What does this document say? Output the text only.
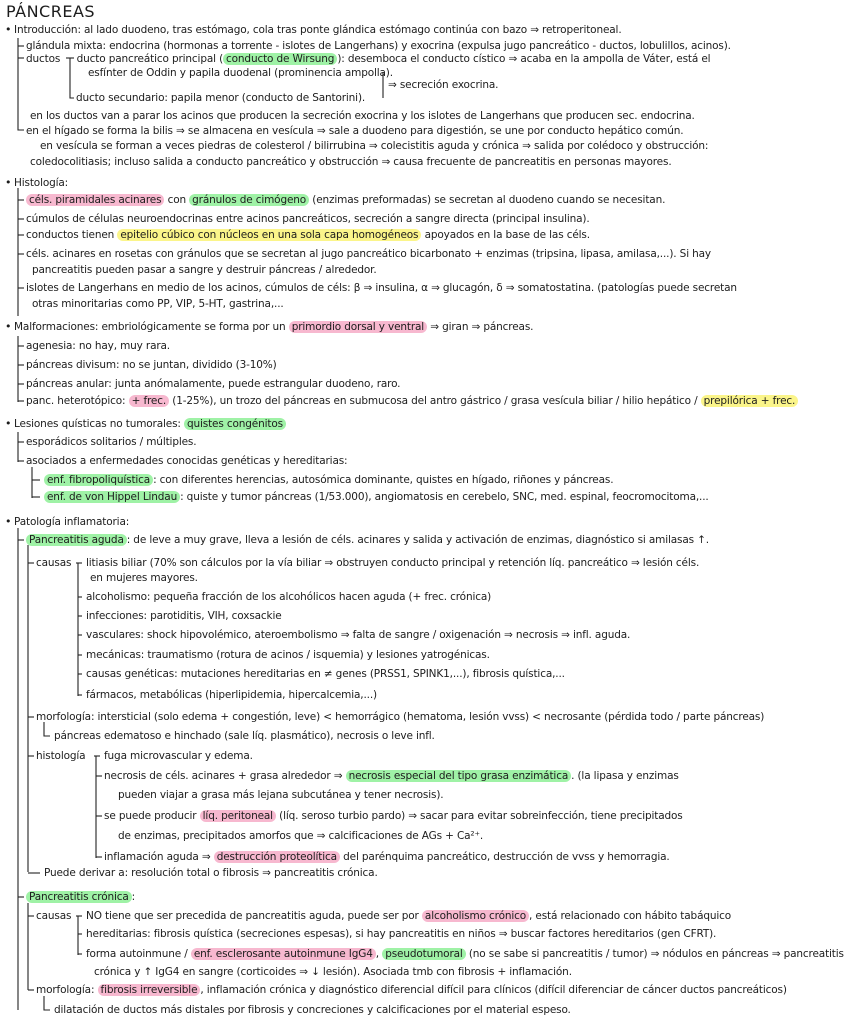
PÁNCREAS
• Introducción: al lado duodeno, tras estómago, cola tras ponte glándica estómago continúa con bazo ⇒ retroperitoneal.
glándula mixta: endocrina (hormonas a torrente - islotes de Langerhans) y exocrina (expulsa jugo pancreático - ductos, lobulillos, acinos).
ductos ducto pancreático principal ( conducto de Wirsung ): desemboca el conducto cístico ⇒ acaba en la ampolla de Váter, está el
esfínter de Oddin y papila duodenal (prominencia ampolla).
⇒ secreción exocrina.
ducto secundario: papila menor (conducto de Santorini).
en los ductos van a parar los acinos que producen la secreción exocrina y los islotes de Langerhans que producen sec. endocrina.
en el hígado se forma la bilis ⇒ se almacena en vesícula ⇒ sale a duodeno para digestión, se une por conducto hepático común.
en vesícula se forman a veces piedras de colesterol / bilirrubina ⇒ colecistitis aguda y crónica ⇒ salida por colédoco y obstrucción:
coledocolitiasis; incluso salida a conducto pancreático y obstrucción ⇒ causa frecuente de pancreatitis en personas mayores.
• Histología:
céls. piramidales acinares con gránulos de cimógeno (enzimas preformadas) se secretan al duodeno cuando se necesitan.
cúmulos de células neuroendocrinas entre acinos pancreáticos, secreción a sangre directa (principal insulina).
conductos tienen epitelio cúbico con núcleos en una sola capa homogéneos apoyados en la base de las céls.
céls. acinares en rosetas con gránulos que se secretan al jugo pancreático bicarbonato + enzimas (tripsina, lipasa, amilasa,...). Si hay
pancreatitis pueden pasar a sangre y destruir páncreas / alrededor.
islotes de Langerhans en medio de los acinos, cúmulos de céls: β ⇒ insulina, α ⇒ glucagón, δ ⇒ somatostatina. (patologías puede secretan
otras minoritarias como PP, VIP, 5-HT, gastrina,...
• Malformaciones: embriológicamente se forma por un primordio dorsal y ventral ⇒ giran ⇒ páncreas.
agenesia: no hay, muy rara.
páncreas divisum: no se juntan, dividido (3-10%)
páncreas anular: junta anómalamente, puede estrangular duodeno, raro.
panc. heterotópico: + frec. (1-25%), un trozo del páncreas en submucosa del antro gástrico / grasa vesícula biliar / hilio hepático / prepilórica + frec.
• Lesiones quísticas no tumorales: quistes congénitos
esporádicos solitarios / múltiples.
asociados a enfermedades conocidas genéticas y hereditarias:
enf. fibropoliquística : con diferentes herencias, autosómica dominante, quistes en hígado, riñones y páncreas.
enf. de von Hippel Lindau : quiste y tumor páncreas (1/53.000), angiomatosis en cerebelo, SNC, med. espinal, feocromocitoma,...
• Patología inflamatoria:
Pancreatitis aguda : de leve a muy grave, lleva a lesión de céls. acinares y salida y activación de enzimas, diagnóstico si amilasas ↑.
causas litiasis biliar (70% son cálculos por la vía biliar ⇒ obstruyen conducto principal y retención líq. pancreático ⇒ lesión céls.
en mujeres mayores.
alcoholismo: pequeña fracción de los alcohólicos hacen aguda (+ frec. crónica)
infecciones: parotiditis, VIH, coxsackie
vasculares: shock hipovolémico, ateroembolismo ⇒ falta de sangre / oxigenación ⇒ necrosis ⇒ infl. aguda.
mecánicas: traumatismo (rotura de acinos / isquemia) y lesiones yatrogénicas.
causas genéticas: mutaciones hereditarias en ≠ genes (PRSS1, SPINK1,...), fibrosis quística,...
fármacos, metabólicas (hiperlipidemia, hipercalcemia,...)
morfología: intersticial (solo edema + congestión, leve) < hemorrágico (hematoma, lesión vvss) < necrosante (pérdida todo / parte páncreas)
páncreas edematoso e hinchado (sale líq. plasmático), necrosis o leve infl.
histología fuga microvascular y edema.
necrosis de céls. acinares + grasa alrededor ⇒ necrosis especial del tipo grasa enzimática . (la lipasa y enzimas
pueden viajar a grasa más lejana subcutánea y tener necrosis).
se puede producir líq. peritoneal (líq. seroso turbio pardo) ⇒ sacar para evitar sobreinfección, tiene precipitados
de enzimas, precipitados amorfos que ⇒ calcificaciones de AGs + Ca²⁺.
inflamación aguda ⇒ destrucción proteolítica del parénquima pancreático, destrucción de vvss y hemorragia.
Puede derivar a: resolución total o fibrosis ⇒ pancreatitis crónica.
Pancreatitis crónica :
causas NO tiene que ser precedida de pancreatitis aguda, puede ser por alcoholismo crónico , está relacionado con hábito tabáquico
hereditarias: fibrosis quística (secreciones espesas), si hay pancreatitis en niños ⇒ buscar factores hereditarios (gen CFRT).
forma autoinmune / enf. esclerosante autoinmune IgG4 , pseudotumoral (no se sabe si pancreatitis / tumor) ⇒ nódulos en páncreas ⇒ pancreatitis
crónica y ↑ IgG4 en sangre (corticoides ⇒ ↓ lesión). Asociada tmb con fibrosis + inflamación.
morfología: fibrosis irreversible , inflamación crónica y diagnóstico diferencial difícil para clínicos (difícil diferenciar de cáncer ductos pancreáticos)
dilatación de ductos más distales por fibrosis y concreciones y calcificaciones por el material espeso.
